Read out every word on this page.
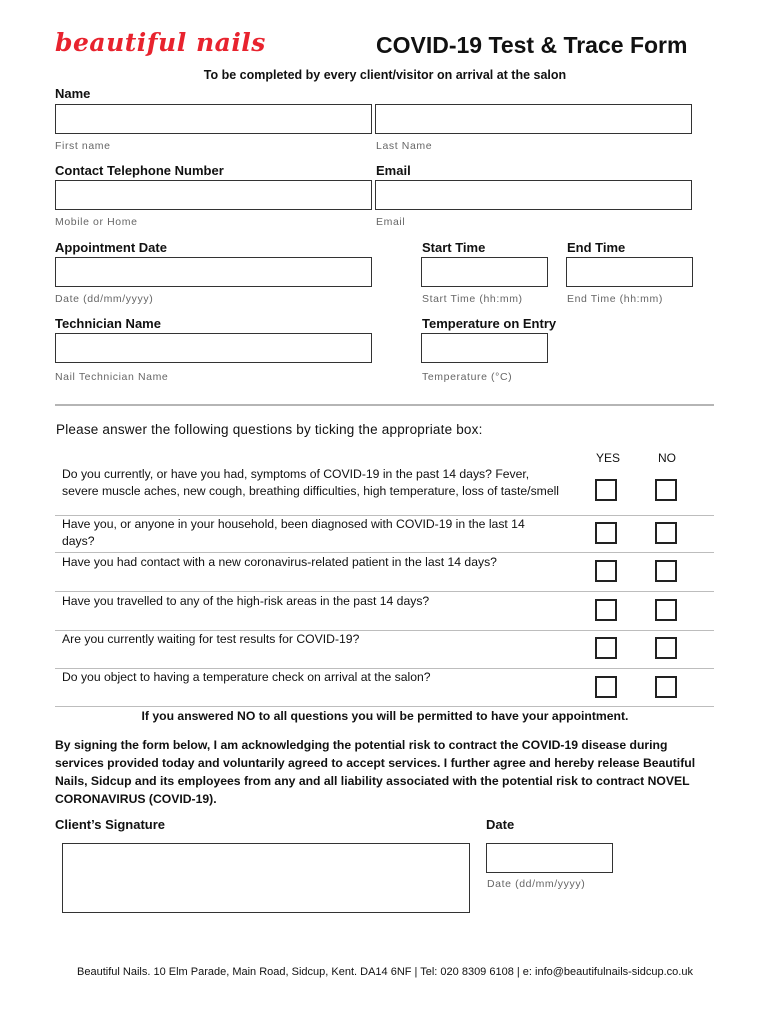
beautiful nails	COVID-19 Test & Trace Form
To be completed by every client/visitor on arrival at the salon
Name
First name	Last Name
Contact Telephone Number	Email
Mobile or Home	Email
Appointment Date	Start Time	End Time
Date (dd/mm/yyyy)	Start Time (hh:mm)	End Time (hh:mm)
Technician Name	Temperature on Entry
Nail Technician Name	Temperature (°C)
Please answer the following questions by ticking the appropriate box:
YES	NO
Do you currently, or have you had, symptoms of COVID-19 in the past 14 days? Fever, severe muscle aches, new cough, breathing difficulties, high temperature, loss of taste/smell
Have you, or anyone in your household, been diagnosed with COVID-19 in the last 14 days?
Have you had contact with a new coronavirus-related patient in the last 14 days?
Have you travelled to any of the high-risk areas in the past 14 days?
Are you currently waiting for test results for COVID-19?
Do you object to having a temperature check on arrival at the salon?
If you answered NO to all questions you will be permitted to have your appointment.
By signing the form below, I am acknowledging the potential risk to contract the COVID-19 disease during services provided today and voluntarily agreed to accept services. I further agree and hereby release Beautiful Nails, Sidcup and its employees from any and all liability associated with the potential risk to contract NOVEL CORONAVIRUS (COVID-19).
Client’s Signature	Date
Date (dd/mm/yyyy)
Beautiful Nails. 10 Elm Parade, Main Road, Sidcup, Kent. DA14 6NF | Tel: 020 8309 6108 | e: info@beautifulnails-sidcup.co.uk
